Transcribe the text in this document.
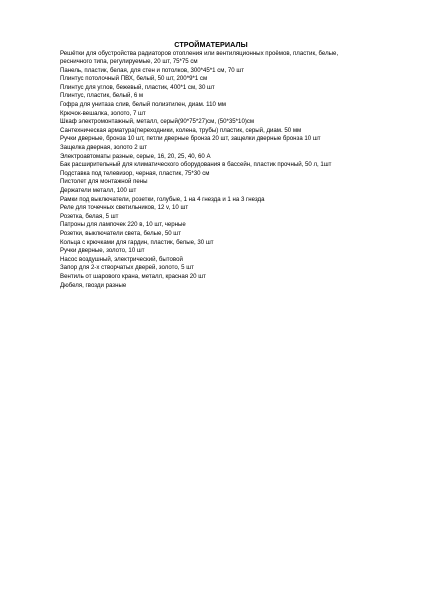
СТРОЙМАТЕРИАЛЫ
Решётки для обустройства радиаторов отопления или вентиляционных проёмов, пластик, белые, ресничного типа, регулируемые, 20 шт, 75*75 см
Панель, пластик, белая, для стен и потолков, 300*45*1 см, 70 шт
Плинтус потолочный ПВХ, белый, 50 шт, 200*9*1 см
Плинтус для углов, бежевый, пластик, 400*1 см, 30 шт
Плинтус, пластик, белый, 6 м
Гофра для унитаза слив, белый полиэтилен, диам. 110 мм
Крючок-вешалка, золото, 7 шт
Шкаф электромонтажный, металл, серый(90*75*27)см, (50*35*10)см
Сантехническая арматура(переходники, колена, трубы) пластик, серый, диам. 50 мм
Ручки дверные, бронза 10 шт, петли дверные бронза 20 шт, защелки дверные бронза 10 шт
Защелка дверная, золото 2 шт
Электроавтоматы разные, серые, 16, 20, 25, 40, 60 А
Бак расширительный для климатического оборудования в бассейн, пластик прочный, 50 л, 1шт
Подставка под телевизор, черная, пластик, 75*30 см
Пистолет для монтажной пены
Держатели металл, 100 шт
Рамки под выключатели, розетки, голубые, 1 на 4 гнезда и 1 на 3 гнезда
Реле для точечных светильников, 12 v, 10 шт
Розетка, белая, 5 шт
Патроны для лампочек 220 в, 10 шт, черные
Розетки, выключатели света, белые, 50 шт
Кольца с крючками для гардин, пластик, белые, 30 шт
Ручки дверные, золото, 10 шт
Насос воздушный, электрический, бытовой
Запор для 2-х створчатых дверей, золото, 5 шт
Вентиль от шарового крана, металл, красная 20 шт
Дюбеля, гвозди разные
